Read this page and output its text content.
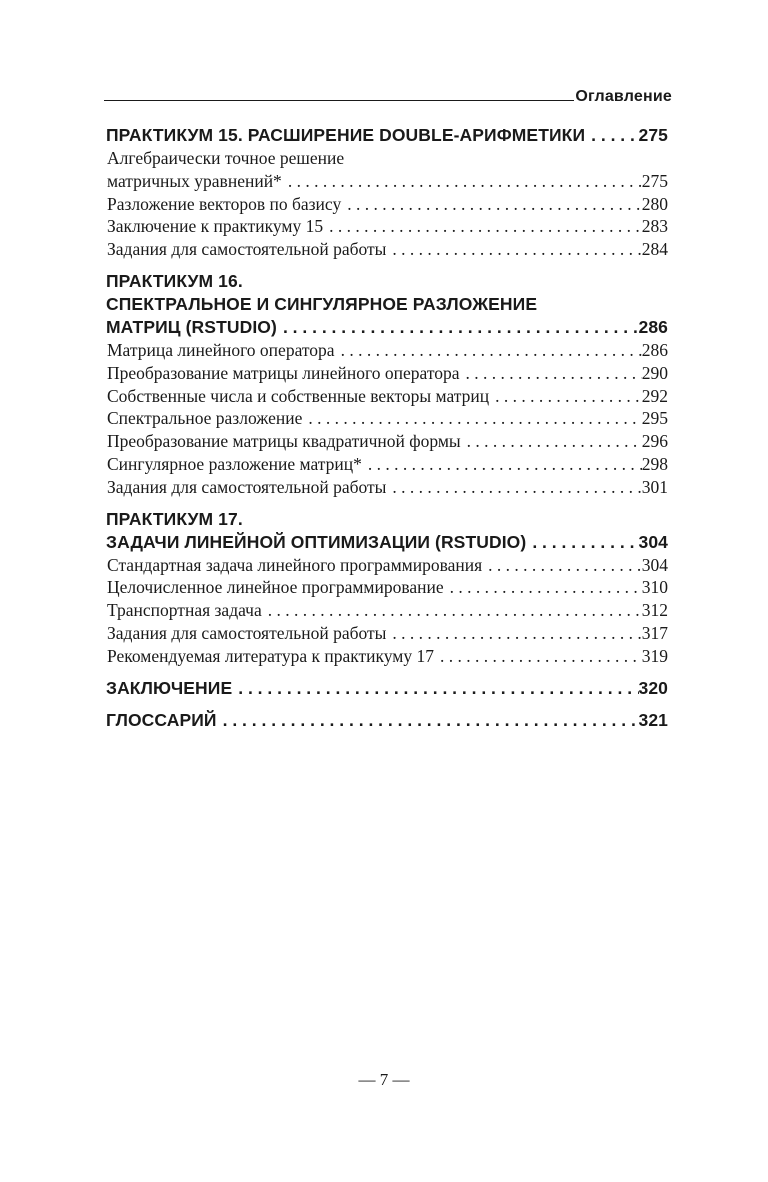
Оглавление
ПРАКТИКУМ 15. РАСШИРЕНИЕ DOUBLE-АРИФМЕТИКИ . . .	275
Алгебраически точное решение
матричных уравнений* . . .	275
Разложение векторов по базису . . .	280
Заключение к практикуму 15 . . .	283
Задания для самостоятельной работы . . .	284
ПРАКТИКУМ 16.
СПЕКТРАЛЬНОЕ И СИНГУЛЯРНОЕ РАЗЛОЖЕНИЕ
МАТРИЦ (RSTUDIO) . . .	286
Матрица линейного оператора . . .	286
Преобразование матрицы линейного оператора . . .	290
Собственные числа и собственные векторы матриц . . .	292
Спектральное разложение . . .	295
Преобразование матрицы квадратичной формы . . .	296
Сингулярное разложение матриц* . . .	298
Задания для самостоятельной работы . . .	301
ПРАКТИКУМ 17.
ЗАДАЧИ ЛИНЕЙНОЙ ОПТИМИЗАЦИИ (RSTUDIO) . . .	304
Стандартная задача линейного программирования . . .	304
Целочисленное линейное программирование . . .	310
Транспортная задача . . .	312
Задания для самостоятельной работы . . .	317
Рекомендуемая литература к практикуму 17 . . .	319
ЗАКЛЮЧЕНИЕ . . .	320
ГЛОССАРИЙ . . .	321
— 7 —
